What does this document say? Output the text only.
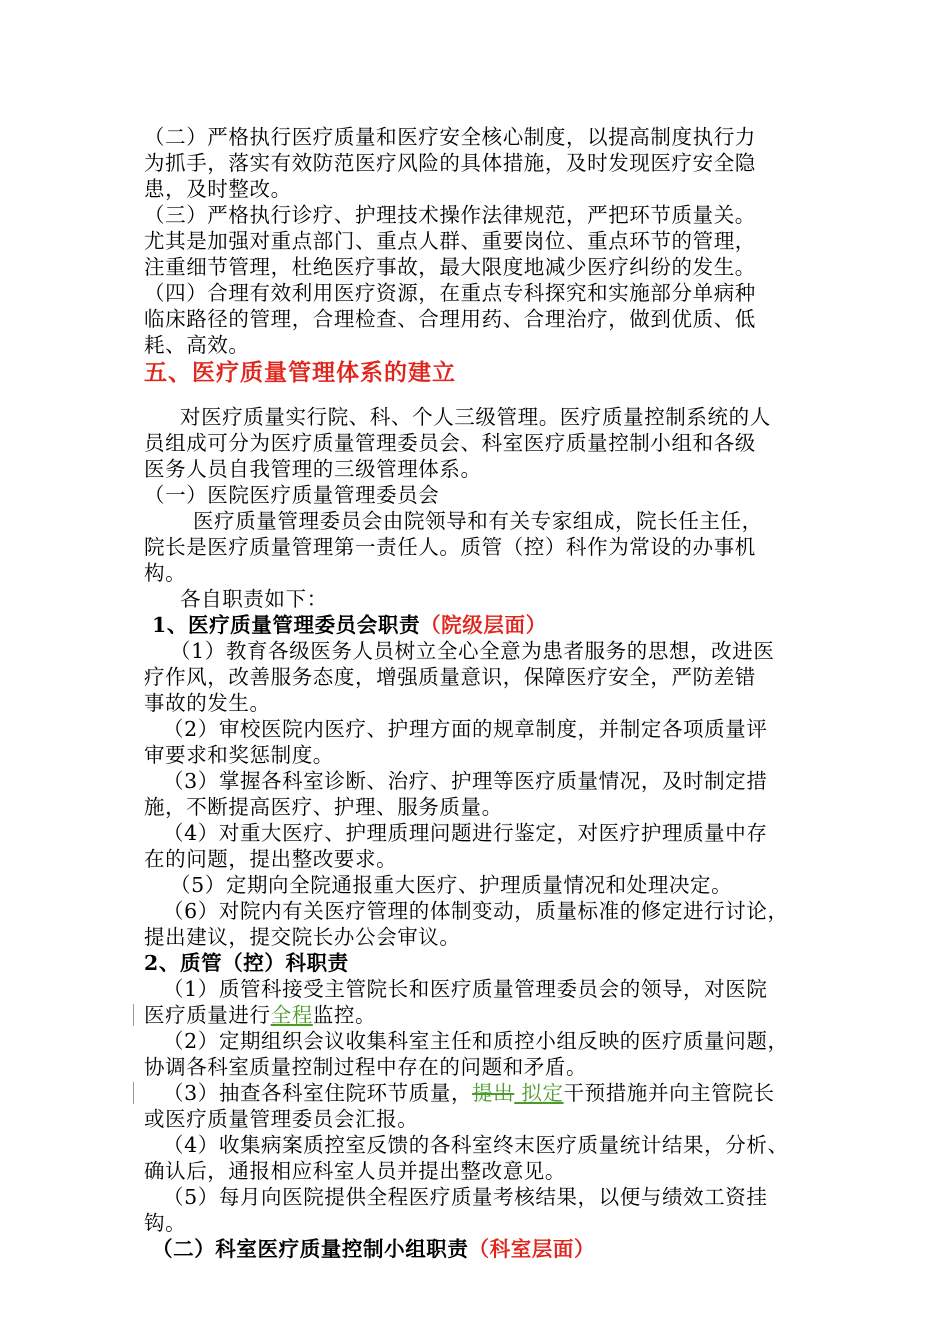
（二）严格执行医疗质量和医疗安全核心制度，以提高制度执行力
为抓手，落实有效防范医疗风险的具体措施，及时发现医疗安全隐
患，及时整改。
（三）严格执行诊疗、护理技术操作法律规范，严把环节质量关。
尤其是加强对重点部门、重点人群、重要岗位、重点环节的管理，
注重细节管理，杜绝医疗事故，最大限度地减少医疗纠纷的发生。
（四）合理有效利用医疗资源，在重点专科探究和实施部分单病种
临床路径的管理，合理检查、合理用药、合理治疗，做到优质、低
耗、高效。
五、医疗质量管理体系的建立
对医疗质量实行院、科、个人三级管理。医疗质量控制系统的人
员组成可分为医疗质量管理委员会、科室医疗质量控制小组和各级
医务人员自我管理的三级管理体系。
（一）医院医疗质量管理委员会
医疗质量管理委员会由院领导和有关专家组成，院长任主任，
院长是医疗质量管理第一责任人。质管（控）科作为常设的办事机
构。
各自职责如下：
1、医疗质量管理委员会职责（院级层面）
（1）教育各级医务人员树立全心全意为患者服务的思想，改进医
疗作风，改善服务态度，增强质量意识，保障医疗安全，严防差错
事故的发生。
（2）审校医院内医疗、护理方面的规章制度，并制定各项质量评
审要求和奖惩制度。
（3）掌握各科室诊断、治疗、护理等医疗质量情况，及时制定措
施，不断提高医疗、护理、服务质量。
（4）对重大医疗、护理质理问题进行鉴定，对医疗护理质量中存
在的问题，提出整改要求。
（5）定期向全院通报重大医疗、护理质量情况和处理决定。
（6）对院内有关医疗管理的体制变动，质量标准的修定进行讨论，
提出建议，提交院长办公会审议。
2、质管（控）科职责
（1）质管科接受主管院长和医疗质量管理委员会的领导，对医院
医疗质量进行全程监控。
（2）定期组织会议收集科室主任和质控小组反映的医疗质量问题，
协调各科室质量控制过程中存在的问题和矛盾。
（3）抽查各科室住院环节质量，提出 拟定干预措施并向主管院长
或医疗质量管理委员会汇报。
（4）收集病案质控室反馈的各科室终末医疗质量统计结果，分析、
确认后，通报相应科室人员并提出整改意见。
（5）每月向医院提供全程医疗质量考核结果，以便与绩效工资挂
钩。
（二）科室医疗质量控制小组职责（科室层面）
